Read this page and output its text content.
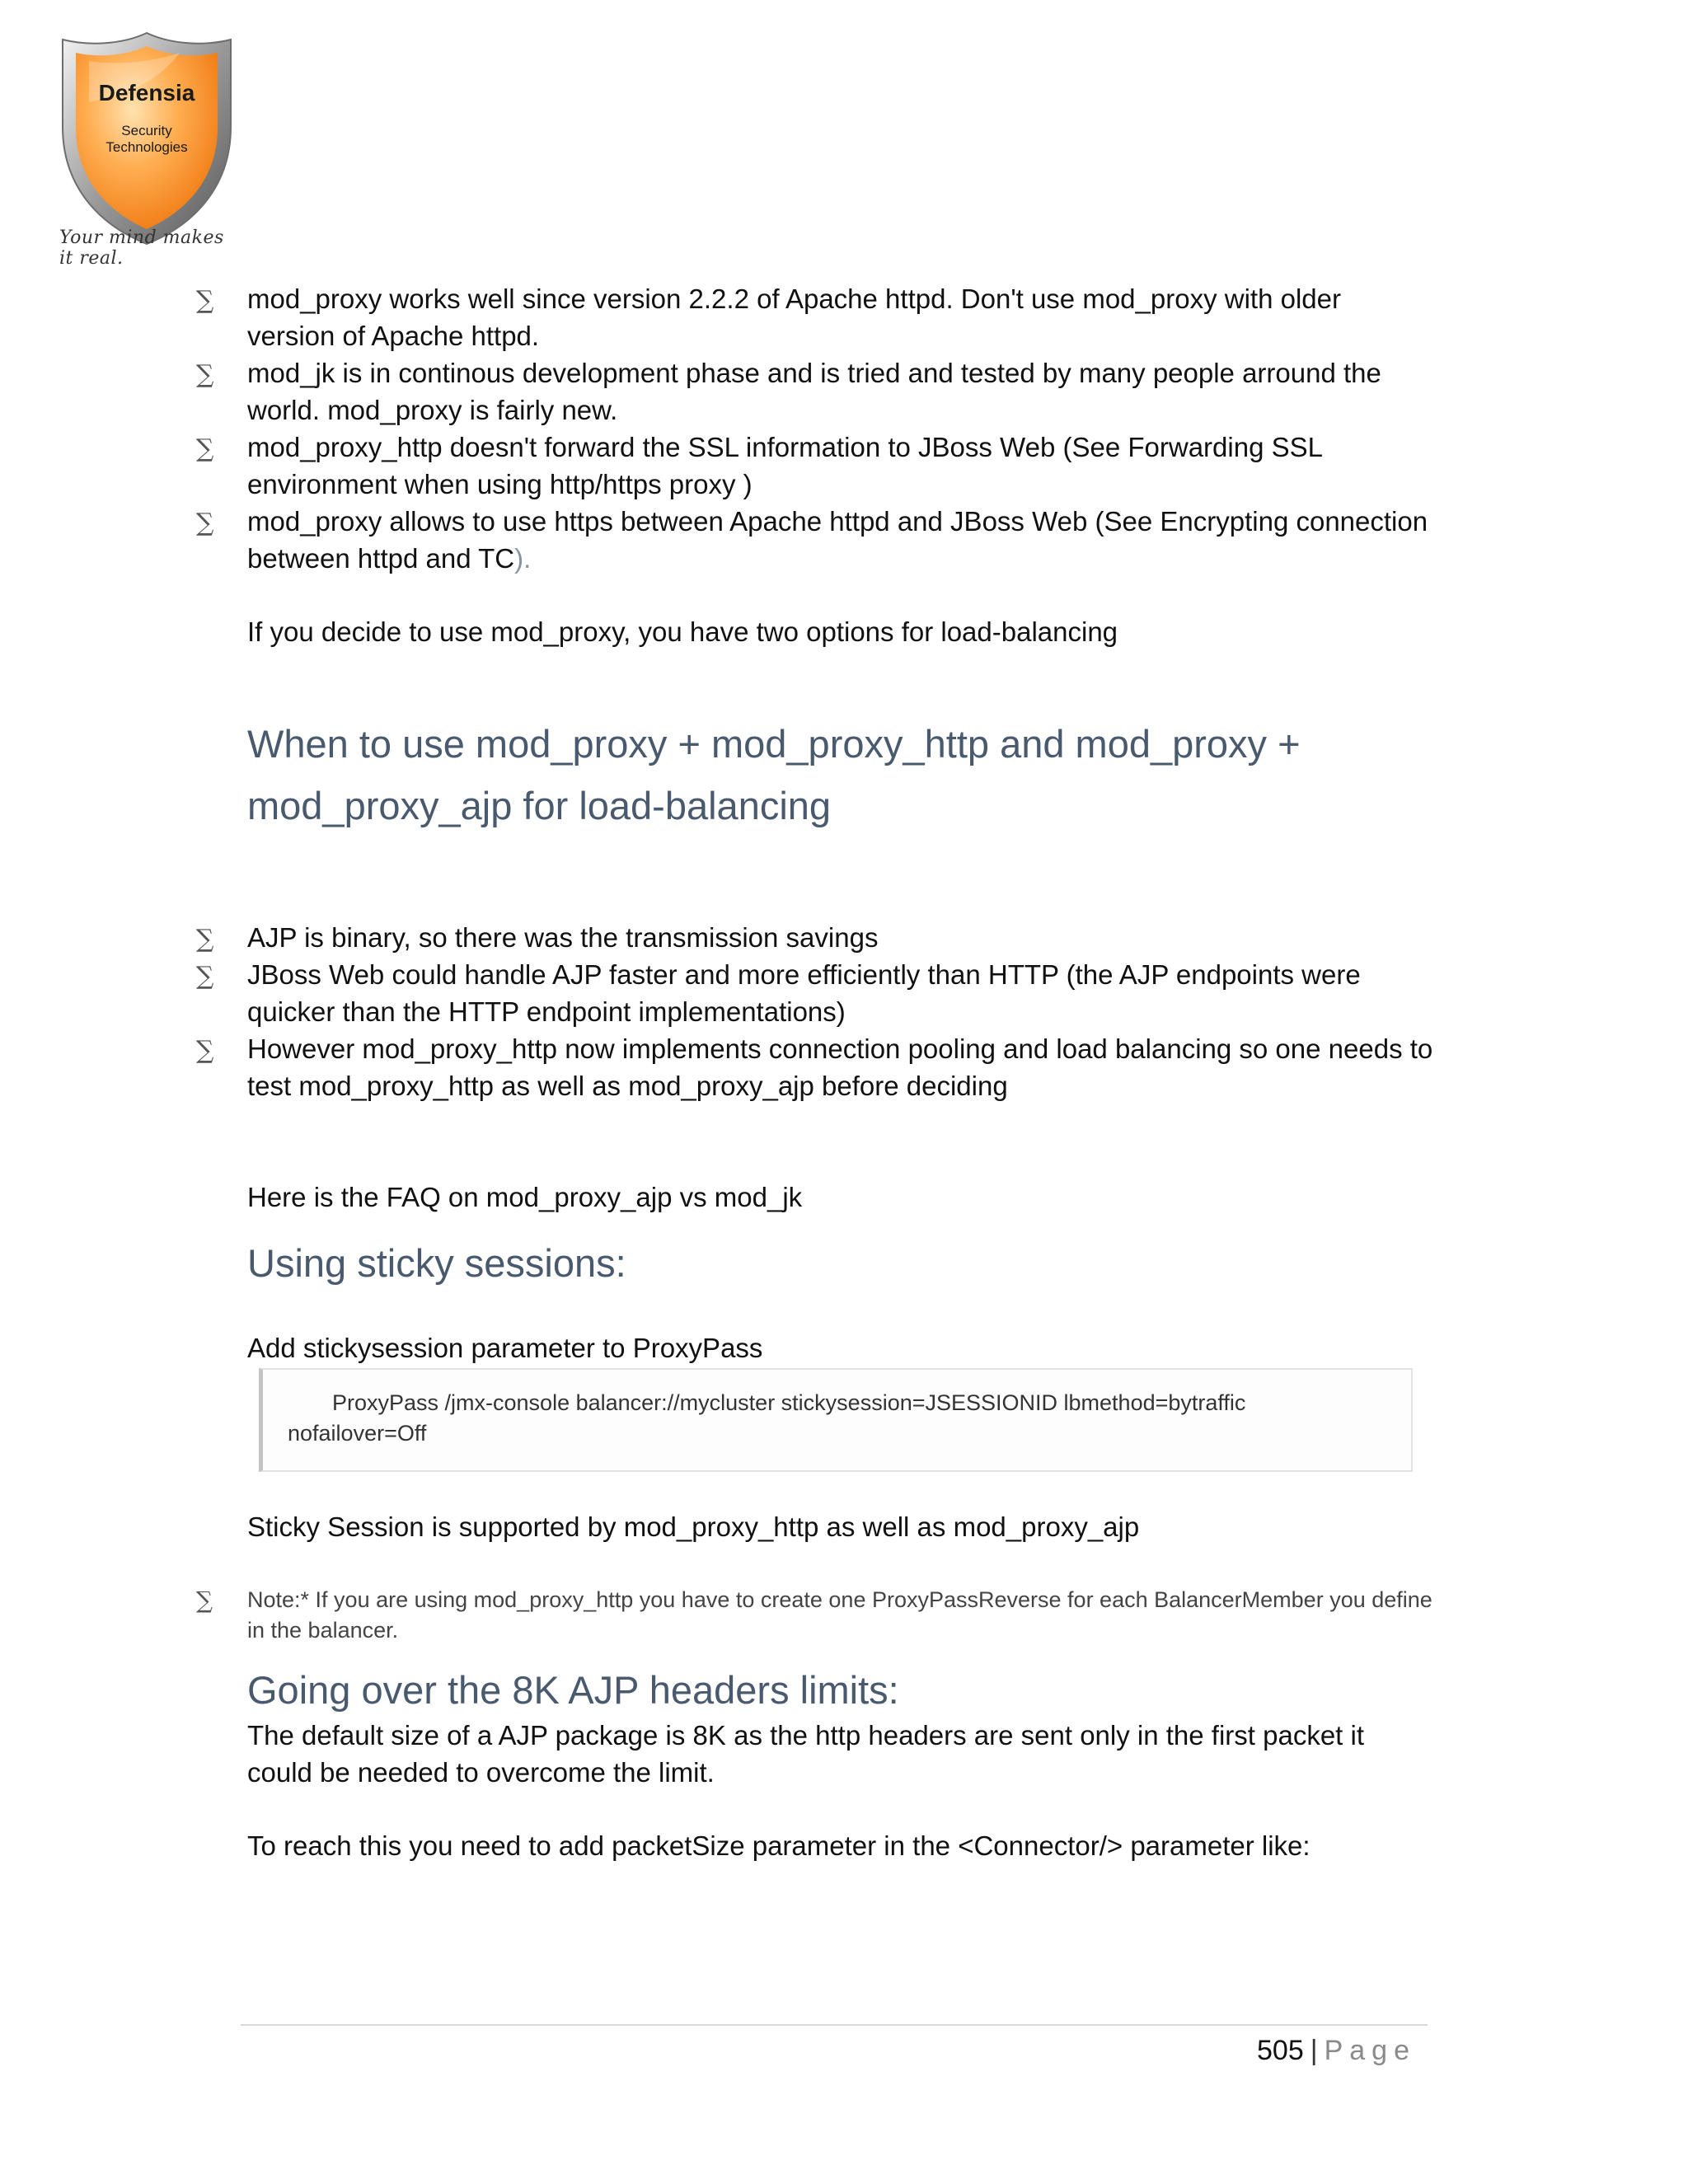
Defensia
Security
Technologies
Your mind makes it real.
∑ mod_proxy works well since version 2.2.2 of Apache httpd. Don't use mod_proxy with older version of Apache httpd.
∑ mod_jk is in continous development phase and is tried and tested by many people arround the world. mod_proxy is fairly new.
∑ mod_proxy_http doesn't forward the SSL information to JBoss Web (See Forwarding SSL environment when using http/https proxy )
∑ mod_proxy allows to use https between Apache httpd and JBoss Web (See Encrypting connection between httpd and TC).

If you decide to use mod_proxy, you have two options for load-balancing

When to use mod_proxy + mod_proxy_http and mod_proxy + mod_proxy_ajp for load-balancing
∑ AJP is binary, so there was the transmission savings
∑ JBoss Web could handle AJP faster and more efficiently than HTTP (the AJP endpoints were quicker than the HTTP endpoint implementations)
∑ However mod_proxy_http now implements connection pooling and load balancing so one needs to test mod_proxy_http as well as mod_proxy_ajp before deciding

Here is the FAQ on mod_proxy_ajp vs mod_jk

Using sticky sessions:

Add stickysession parameter to ProxyPass

ProxyPass /jmx-console balancer://mycluster stickysession=JSESSIONID lbmethod=bytraffic
nofailover=Off

Sticky Session is supported by mod_proxy_http as well as mod_proxy_ajp

∑ Note:* If you are using mod_proxy_http you have to create one ProxyPassReverse for each BalancerMember you define in the balancer.

Going over the 8K AJP headers limits:

The default size of a AJP package is 8K as the http headers are sent only in the first packet it could be needed to overcome the limit.

To reach this you need to add packetSize parameter in the <Connector/> parameter like:

505 | Page
